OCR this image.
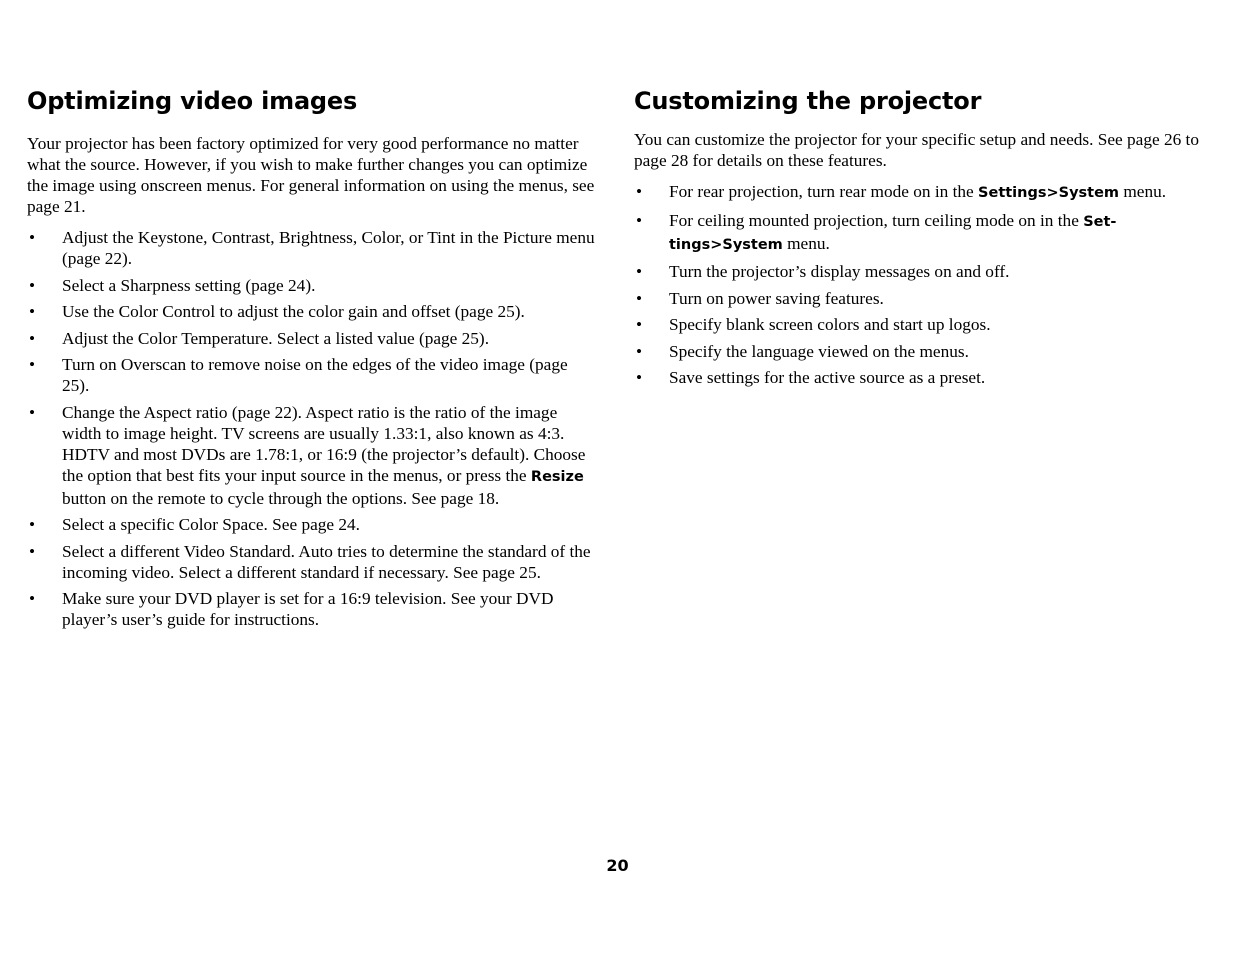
Optimizing video images

Your projector has been factory optimized for very good performance no matter what the source. However, if you wish to make further changes you can optimize the image using onscreen menus. For general information on using the menus, see page 21.

• Adjust the Keystone, Contrast, Brightness, Color, or Tint in the Picture menu (page 22).
• Select a Sharpness setting (page 24).
• Use the Color Control to adjust the color gain and offset (page 25).
• Adjust the Color Temperature. Select a listed value (page 25).
• Turn on Overscan to remove noise on the edges of the video image (page 25).
• Change the Aspect ratio (page 22). Aspect ratio is the ratio of the image width to image height. TV screens are usually 1.33:1, also known as 4:3. HDTV and most DVDs are 1.78:1, or 16:9 (the projector’s default). Choose the option that best fits your input source in the menus, or press the Resize button on the remote to cycle through the options. See page 18.
• Select a specific Color Space. See page 24.
• Select a different Video Standard. Auto tries to determine the standard of the incoming video. Select a different standard if necessary. See page 25.
• Make sure your DVD player is set for a 16:9 television. See your DVD player’s user’s guide for instructions.
Customizing the projector

You can customize the projector for your specific setup and needs. See page 26 to page 28 for details on these features.

• For rear projection, turn rear mode on in the Settings>System menu.
• For ceiling mounted projection, turn ceiling mode on in the Set-tings>System menu.
• Turn the projector’s display messages on and off.
• Turn on power saving features.
• Specify blank screen colors and start up logos.
• Specify the language viewed on the menus.
• Save settings for the active source as a preset.
20
